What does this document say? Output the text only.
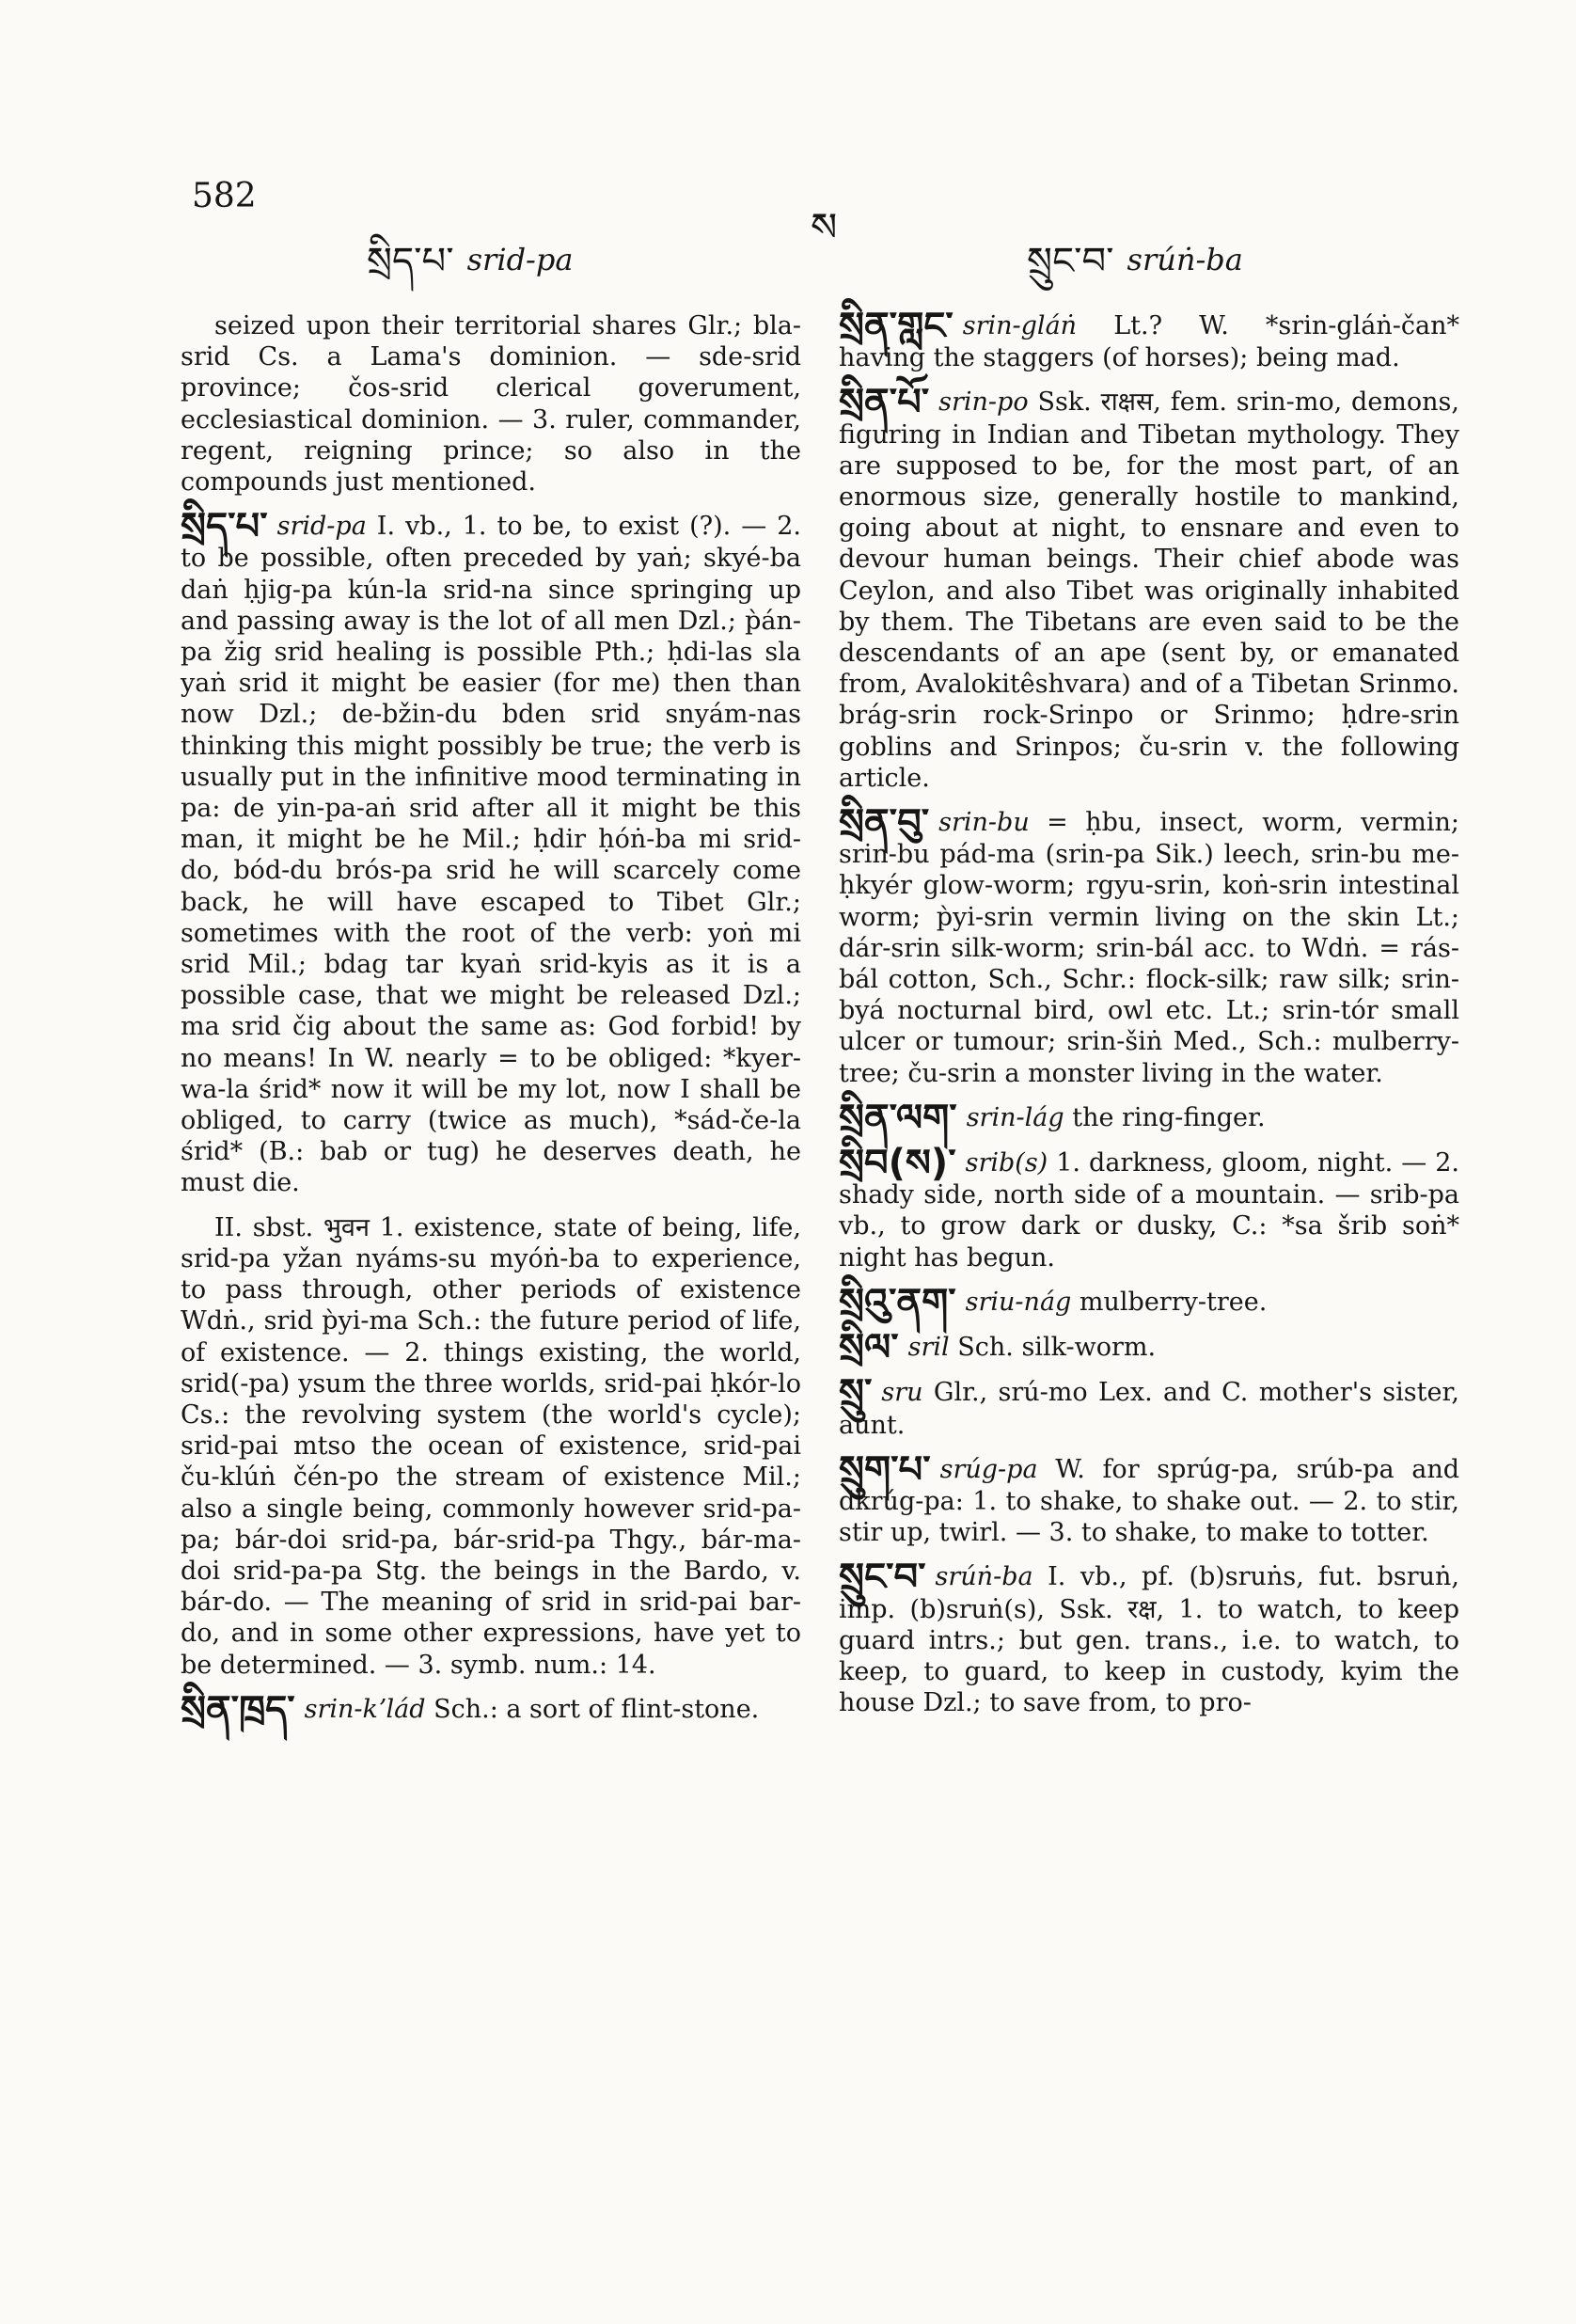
582
སྲིད་པ་ srid-pa
ས
སྲུང་བ་ srúṅ-ba

seized upon their territorial shares Glr.; bla-srid Cs. a Lama's dominion. — sde-srid province; čos-srid clerical goverument, ecclesiastical dominion. — 3. ruler, commander, regent, reigning prince; so also in the compounds just mentioned.

སྲིད་པ་ srid-pa I. vb., 1. to be, to exist (?). — 2. to be possible, often preceded by yaṅ; skyé-ba daṅ ḥjig-pa kún-la srid-na since springing up and passing away is the lot of all men Dzl.; p̀án-pa ži̇g srid healing is possible Pth.; ḥdi-las sla yaṅ srid it might be easier (for me) then than now Dzl.; de-bžin-du bden srid snyám-nas thinking this might possibly be true; the verb is usually put in the infinitive mood terminating in pa: de yin-pa-aṅ srid after all it might be this man, it might be he Mil.; ḥdir ḥóṅ-ba mi srid-do, bód-du brós-pa srid he will scarcely come back, he will have escaped to Tibet Glr.; sometimes with the root of the verb: yoṅ mi srid Mil.; bdag tar kyaṅ srid-kyis as it is a possible case, that we might be released Dzl.; ma srid čig about the same as: God forbid! by no means! In W. nearly = to be obliged: *kyer-wa-la śrid* now it will be my lot, now I shall be obliged, to carry (twice as much), *sád-če-la śrid* (B.: bab or tug) he deserves death, he must die.

II. sbst. भुवन 1. existence, state of being, life, srid-pa yžan nyáms-su myóṅ-ba to experience, to pass through, other periods of existence Wdṅ., srid p̀yi-ma Sch.: the future period of life, of existence. — 2. things existing, the world, srid(-pa) ysum the three worlds, srid-pai ḥkór-lo Cs.: the revolving system (the world's cycle); srid-pai mtso the ocean of existence, srid-pai ču-klúṅ čén-po the stream of existence Mil.; also a single being, commonly however srid-pa-pa; bár-doi srid-pa, bár-srid-pa Thgy., bár-ma-doi srid-pa-pa Stg. the beings in the Bardo, v. bár-do. — The meaning of srid in srid-pai bar-do, and in some other expressions, have yet to be determined. — 3. symb. num.: 14.

སྲིན་ཁྲད་ srin-kʼlád Sch.: a sort of flint-stone.

སྲིན་གླང་ srin-gláṅ Lt.? W. *srin-gláṅ-čan* having the staggers (of horses); being mad.

སྲིན་པོ་ srin-po Ssk. राक्षस, fem. srin-mo, demons, figuring in Indian and Tibetan mythology. They are supposed to be, for the most part, of an enormous size, generally hostile to mankind, going about at night, to ensnare and even to devour human beings. Their chief abode was Ceylon, and also Tibet was originally inhabited by them. The Tibetans are even said to be the descendants of an ape (sent by, or emanated from, Avalokitêshvara) and of a Tibetan Srinmo. brág-srin rock-Srinpo or Srinmo; ḥdre-srin goblins and Srinpos; ču-srin v. the following article.

སྲིན་བུ་ srin-bu = ḥbu, insect, worm, vermin; srin-bu pád-ma (srin-pa Sik.) leech, srin-bu me-ḥkyér glow-worm; rgyu-srin, koṅ-srin intestinal worm; p̀yi-srin vermin living on the skin Lt.; dár-srin silk-worm; srin-bál acc. to Wdṅ. = rás-bál cotton, Sch., Schr.: flock-silk; raw silk; srin-byá nocturnal bird, owl etc. Lt.; srin-tór small ulcer or tumour; srin-šiṅ Med., Sch.: mulberry-tree; ču-srin a monster living in the water.

སྲིན་ལག་ srin-lág the ring-finger.

སྲིབ(ས)་ srib(s) 1. darkness, gloom, night. — 2. shady side, north side of a mountain. — srib-pa vb., to grow dark or dusky, C.: *sa šrib soṅ* night has begun.

སྲིའུ་ནག་ sriu-nág mulberry-tree.

སྲིལ་ sril Sch. silk-worm.

སྲུ་ sru Glr., srú-mo Lex. and C. mother's sister, aunt.

སྲུག་པ་ srúg-pa W. for sprúg-pa, srúb-pa and dkrúg-pa: 1. to shake, to shake out. — 2. to stir, stir up, twirl. — 3. to shake, to make to totter.

སྲུང་བ་ srúṅ-ba I. vb., pf. (b)sruṅs, fut. bsruṅ, imp. (b)sruṅ(s), Ssk. रक्ष, 1. to watch, to keep guard intrs.; but gen. trans., i.e. to watch, to keep, to guard, to keep in custody, kyim the house Dzl.; to save from, to pro-
